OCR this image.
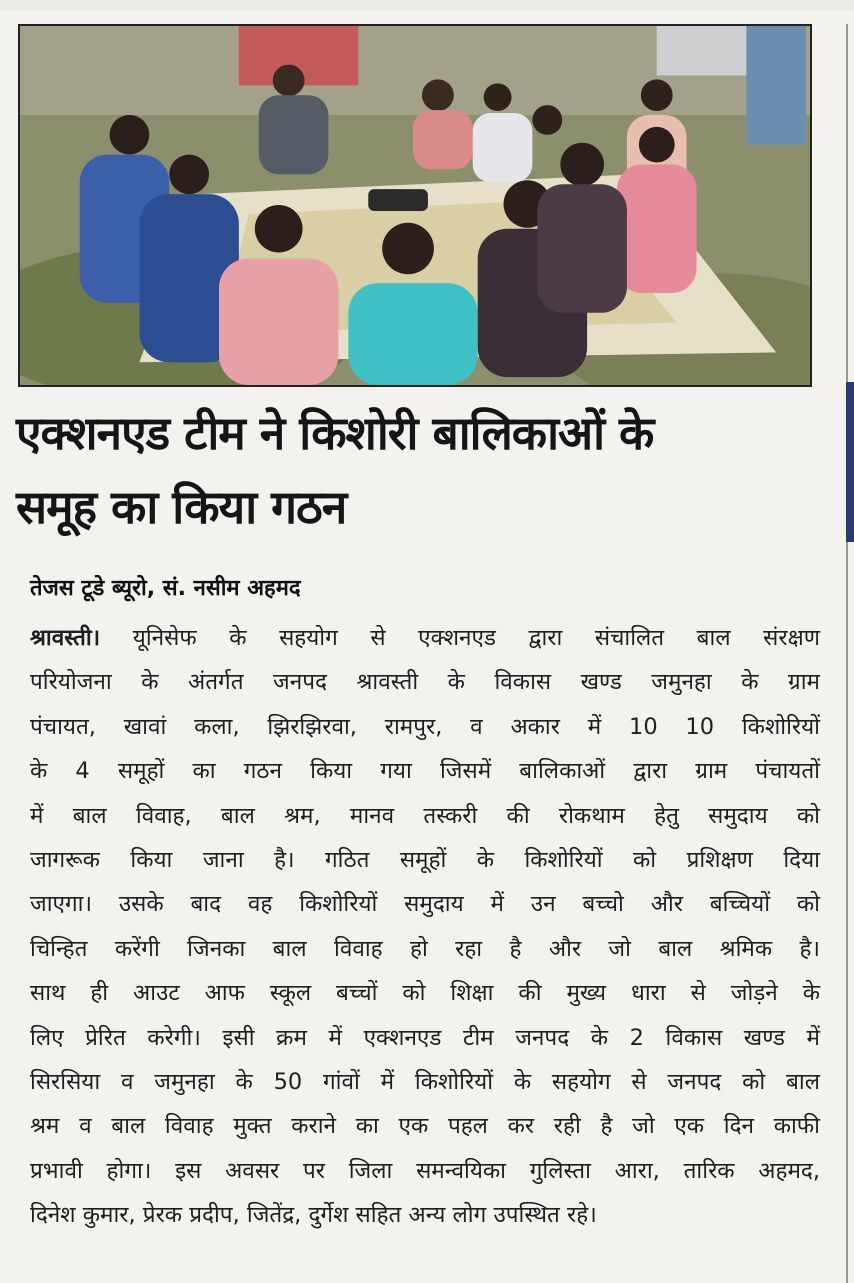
एक्शनएड टीम ने किशोरी बालिकाओं के
समूह का किया गठन
तेजस टूडे ब्यूरो, सं. नसीम अहमद
श्रावस्ती। यूनिसेफ के सहयोग से एक्शनएड द्वारा संचालित बाल संरक्षण
परियोजना के अंतर्गत जनपद श्रावस्ती के विकास खण्ड जमुनहा के ग्राम
पंचायत, खावां कला, झिरझिरवा, रामपुर, व अकार में 10 10 किशोरियों
के 4 समूहों का गठन किया गया जिसमें बालिकाओं द्वारा ग्राम पंचायतों
में बाल विवाह, बाल श्रम, मानव तस्करी की रोकथाम हेतु समुदाय को
जागरूक किया जाना है। गठित समूहों के किशोरियों को प्रशिक्षण दिया
जाएगा। उसके बाद वह किशोरियों समुदाय में उन बच्चो और बच्चियों को
चिन्हित करेंगी जिनका बाल विवाह हो रहा है और जो बाल श्रमिक है।
साथ ही आउट आफ स्कूल बच्चों को शिक्षा की मुख्य धारा से जोड़ने के
लिए प्रेरित करेगी। इसी क्रम में एक्शनएड टीम जनपद के 2 विकास खण्ड में
सिरसिया व जमुनहा के 50 गांवों में किशोरियों के सहयोग से जनपद को बाल
श्रम व बाल विवाह मुक्त कराने का एक पहल कर रही है जो एक दिन काफी
प्रभावी होगा। इस अवसर पर जिला समन्वयिका गुलिस्ता आरा, तारिक अहमद,
दिनेश कुमार, प्रेरक प्रदीप, जितेंद्र, दुर्गेश सहित अन्य लोग उपस्थित रहे।
